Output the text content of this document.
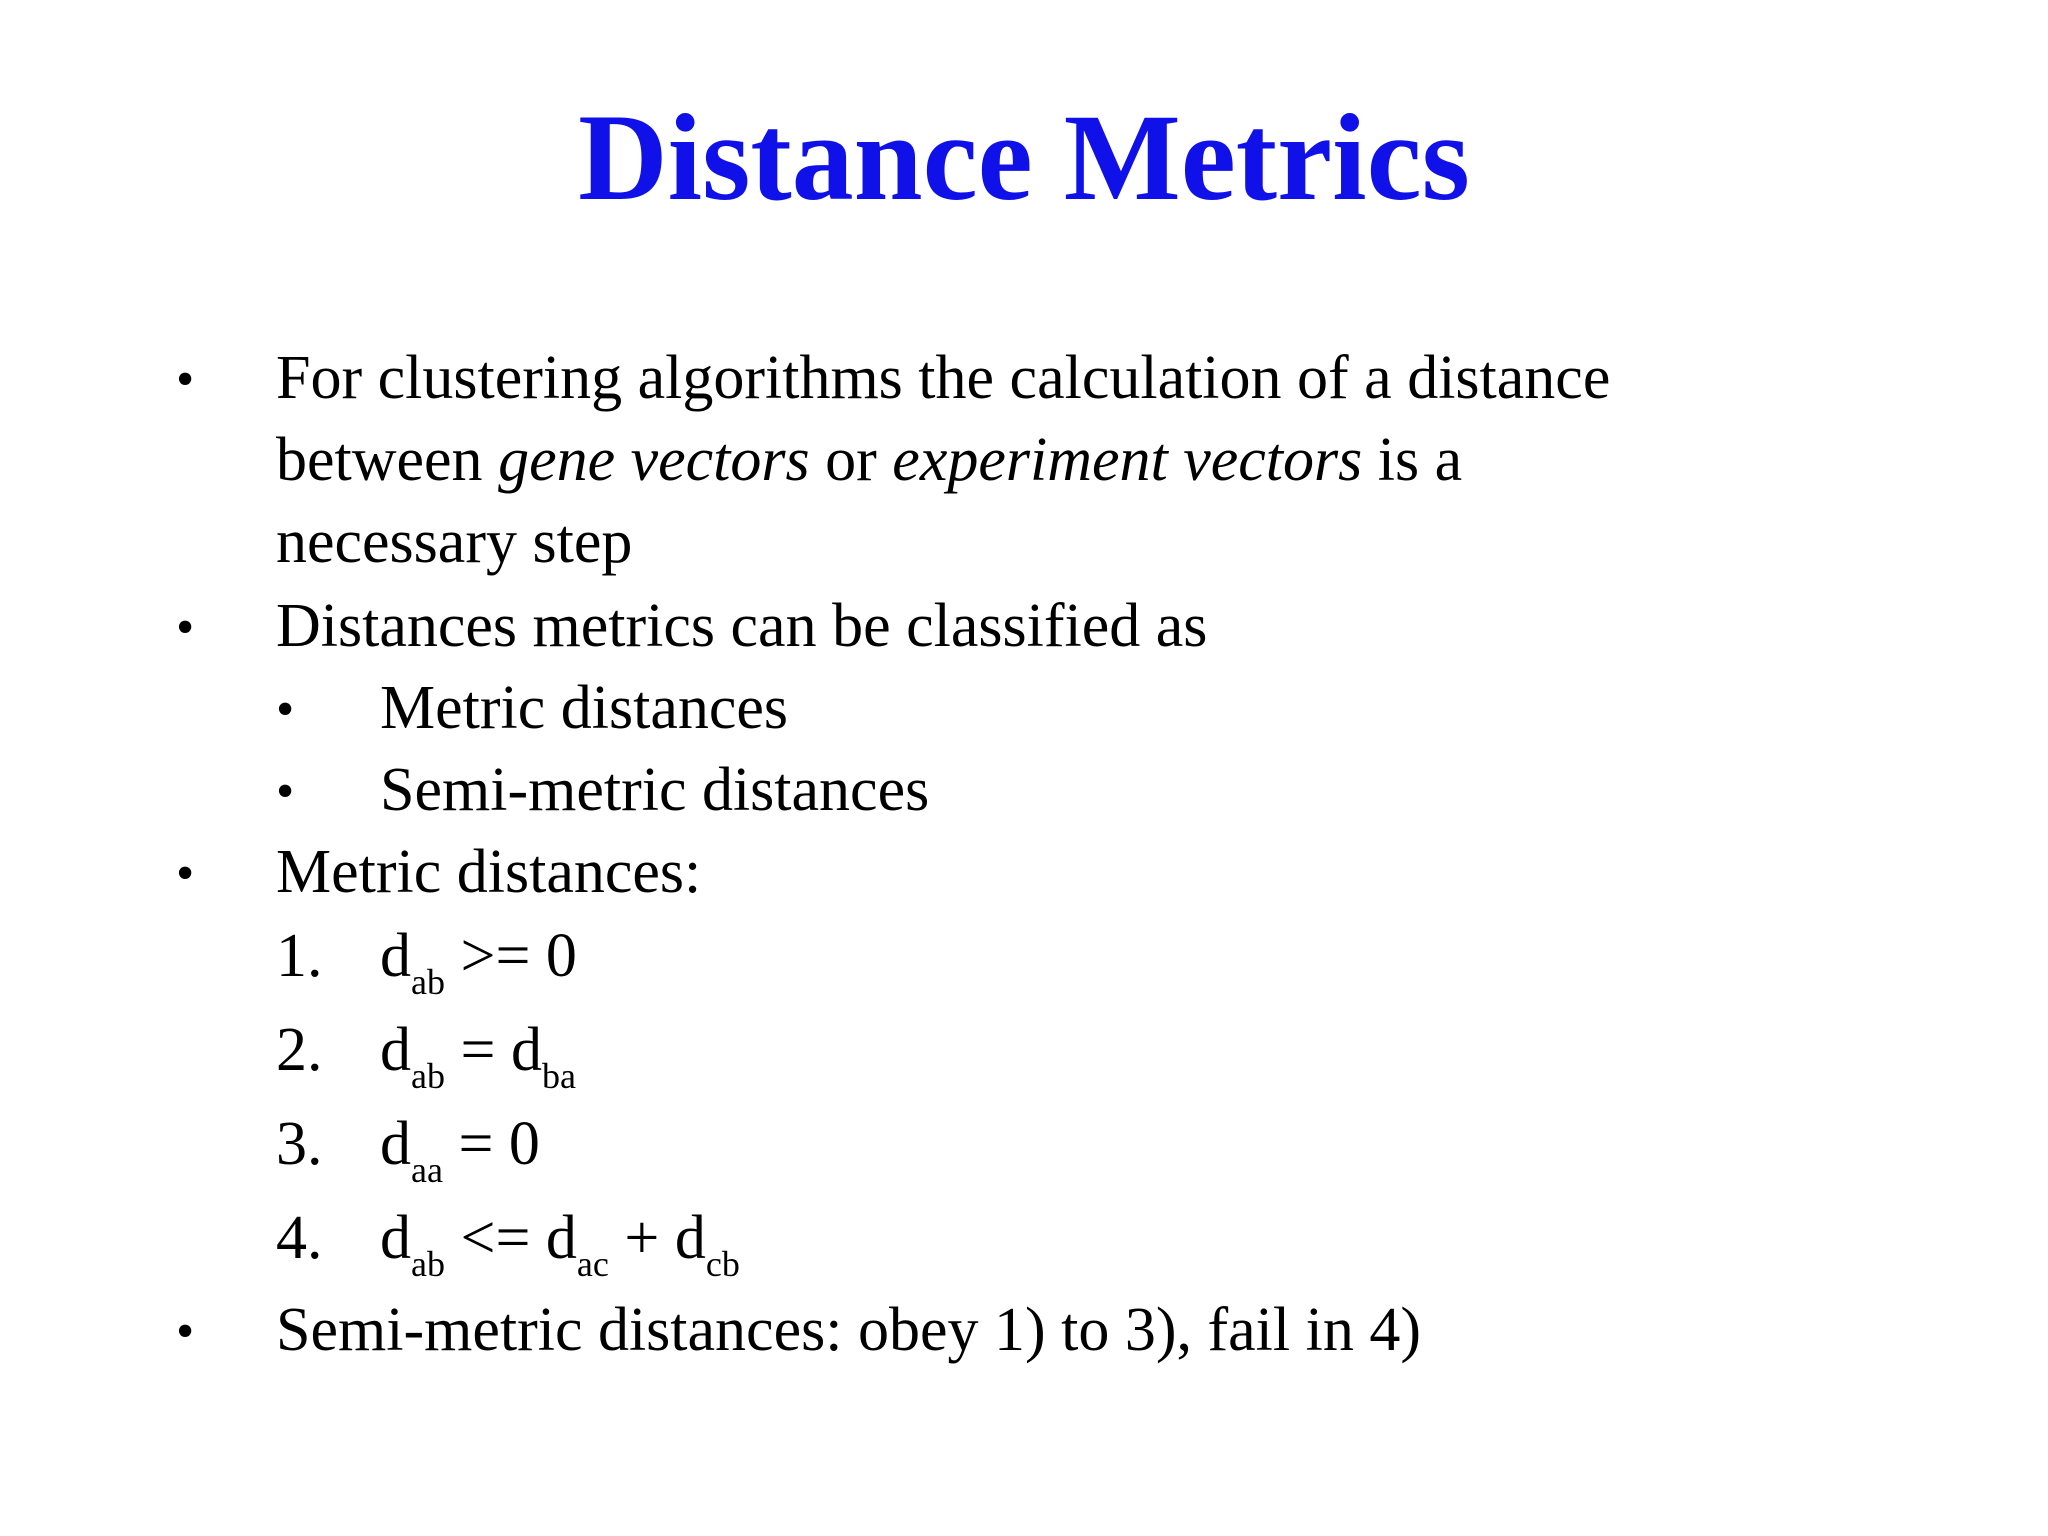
Distance Metrics
• For clustering algorithms the calculation of a distance
between gene vectors or experiment vectors is a
necessary step
• Distances metrics can be classified as
• Metric distances
• Semi-metric distances
• Metric distances:
1. $d_{ab} >= 0$
2. $d_{ab} = d_{ba}$
3. $d_{aa} = 0$
4. $d_{ab} <= d_{ac} + d_{cb}$
• Semi-metric distances: obey 1) to 3), fail in 4)
